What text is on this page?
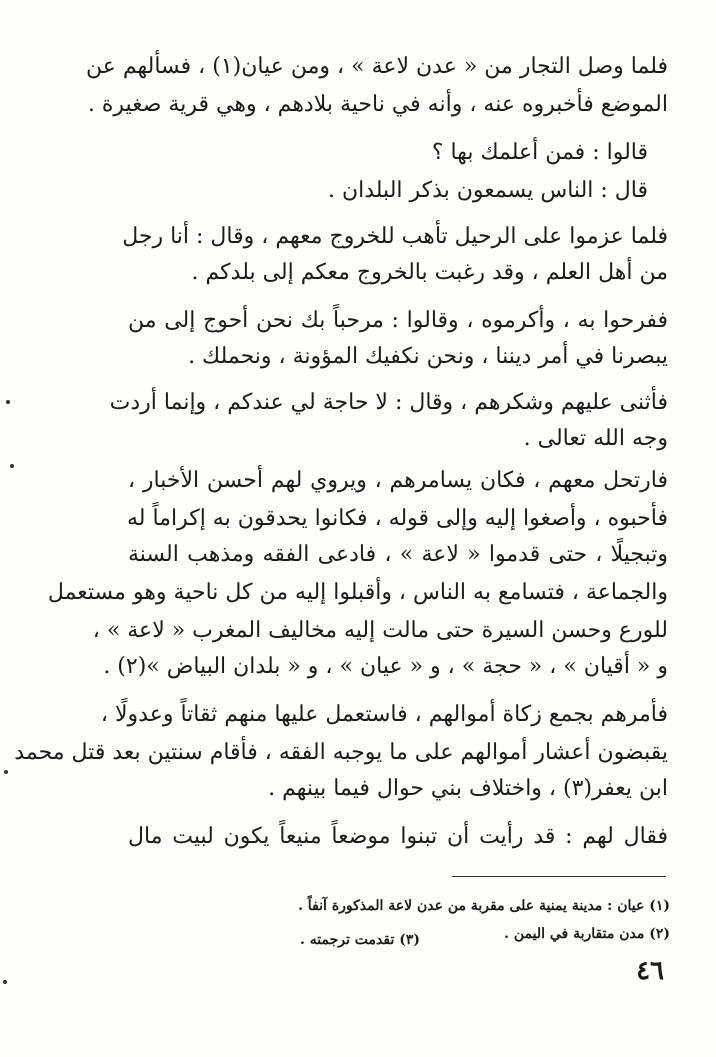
فلما وصل التجار من « عدن لاعة » ، ومن عيان(١) ، فسألهم عن
الموضع فأخبروه عنه ، وأنه في ناحية بلادهم ، وهي قرية صغيرة .
قالوا : فمن أعلمك بها ؟
قال : الناس يسمعون بذكر البلدان .
فلما عزموا على الرحيل تأهب للخروج معهم ، وقال : أنا رجل
من أهل العلم ، وقد رغبت بالخروج معكم إلى بلدكم .
ففرحوا به ، وأكرموه ، وقالوا : مرحباً بك نحن أحوج إلى من
يبصرنا في أمر ديننا ، ونحن نكفيك المؤونة ، ونحملك .
فأثنى عليهم وشكرهم ، وقال : لا حاجة لي عندكم ، وإنما أردت
وجه الله تعالى .
فارتحل معهم ، فكان يسامرهم ، ويروي لهم أحسن الأخبار ،
فأحبوه ، وأصغوا إليه وإلى قوله ، فكانوا يحدقون به إكراماً له
وتبجيلًا ، حتى قدموا « لاعة » ، فادعى الفقه ومذهب السنة
والجماعة ، فتسامع به الناس ، وأقبلوا إليه من كل ناحية وهو مستعمل
للورع وحسن السيرة حتى مالت إليه مخاليف المغرب « لاعة » ،
و « أقيان » ، « حجة » ، و « عيان » ، و « بلدان البياض »(٢) .
فأمرهم بجمع زكاة أموالهم ، فاستعمل عليها منهم ثقاتاً وعدولًا ،
يقبضون أعشار أموالهم على ما يوجبه الفقه ، فأقام سنتين بعد قتل محمد
ابن يعفر(٣) ، واختلاف بني حوال فيما بينهم .
فقال لهم : قد رأيت أن تبنوا موضعاً منيعاً يكون لبيت مال
(١) عيان : مدينة يمنية على مقربة من عدن لاعة المذكورة آنفاً .
(٢) مدن متقاربة في اليمن .
(٣) تقدمت ترجمته .
٤٦
